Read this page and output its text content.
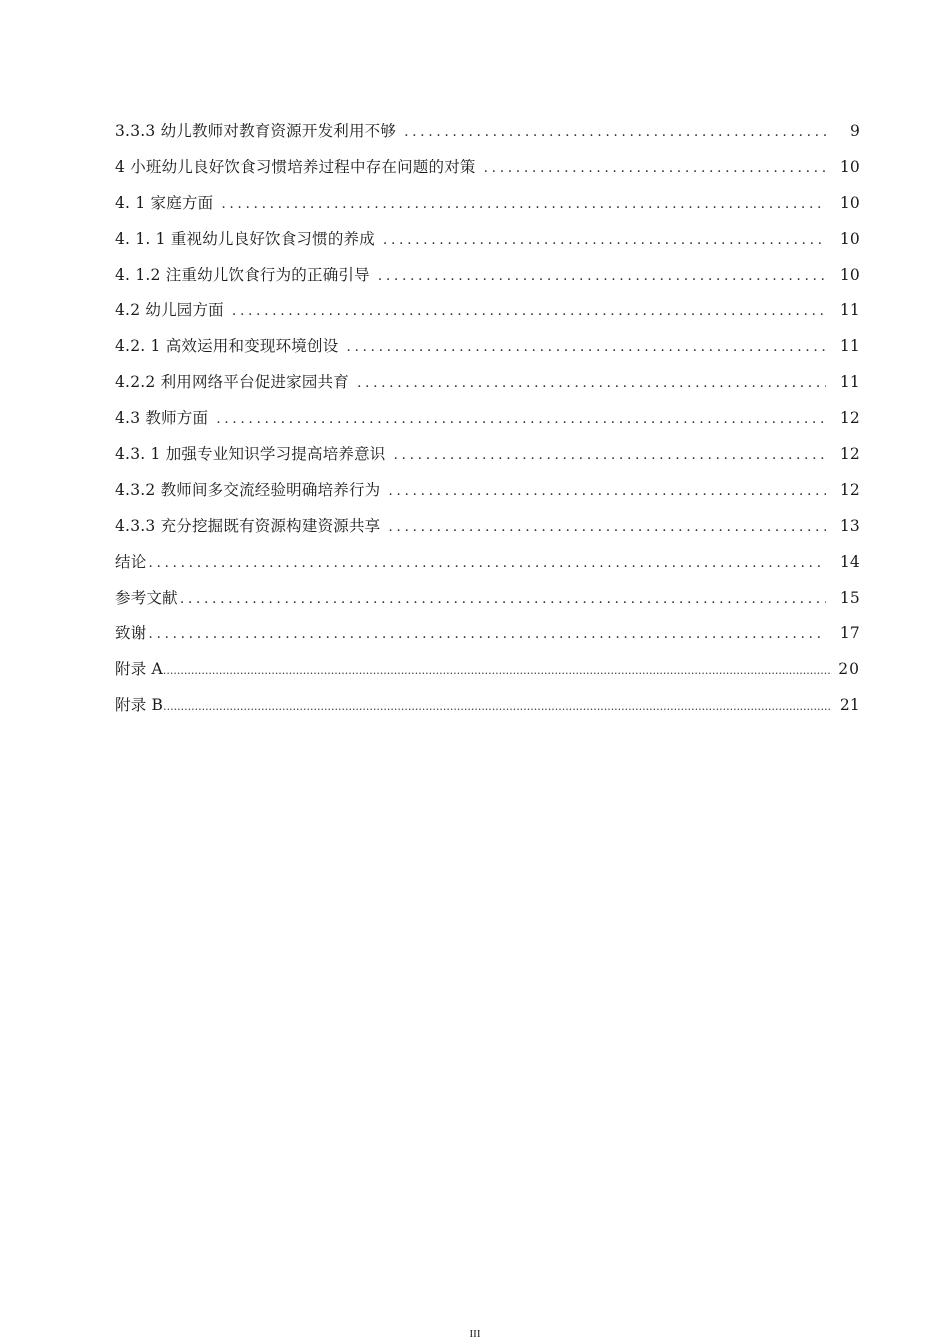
3.3.3 幼儿教师对教育资源开发利用不够 .....	9
4 小班幼儿良好饮食习惯培养过程中存在问题的对策 .....	10
4. 1 家庭方面 .....	10
4. 1. 1 重视幼儿良好饮食习惯的养成 .....	10
4. 1.2 注重幼儿饮食行为的正确引导 .....	10
4.2 幼儿园方面 .....	11
4.2. 1 高效运用和变现环境创设 .....	11
4.2.2 利用网络平台促进家园共育 .....	11
4.3 教师方面 .....	12
4.3. 1 加强专业知识学习提高培养意识 .....	12
4.3.2 教师间多交流经验明确培养行为 .....	12
4.3.3 充分挖掘既有资源构建资源共享 .....	13
结论 .....	14
参考文献 .....	15
致谢 .....	17
附录 A .....	20
附录 B .....	21
III
